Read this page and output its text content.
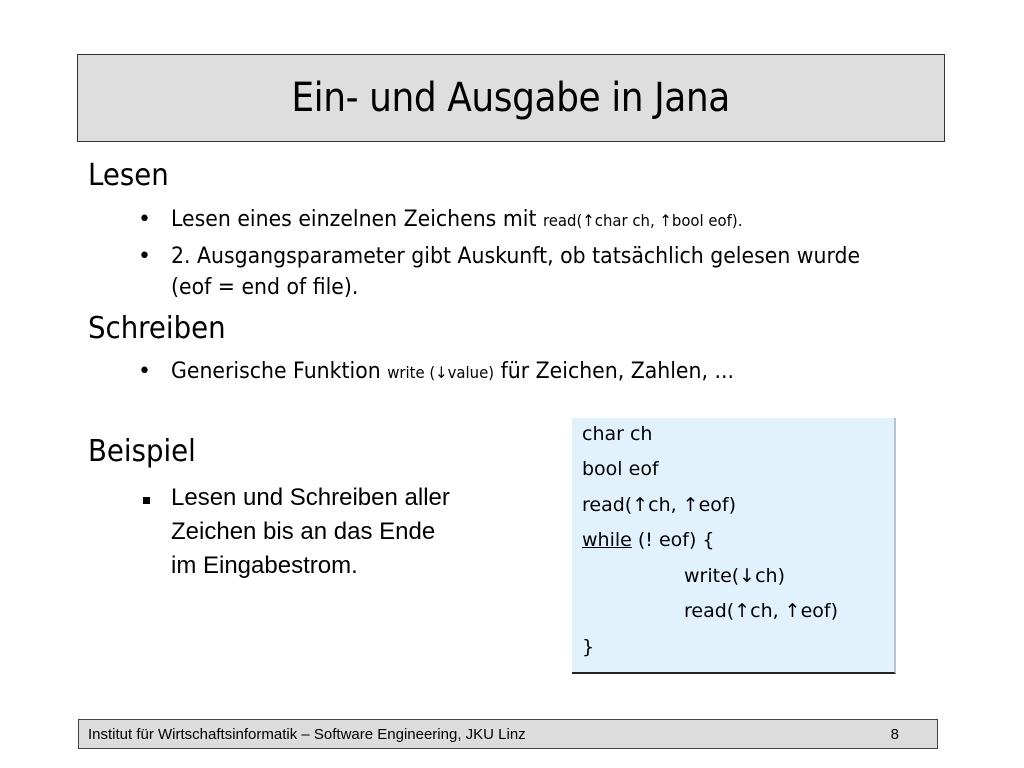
Ein- und Ausgabe in Jana
Lesen
• Lesen eines einzelnen Zeichens mit read(↑char ch, ↑bool eof).
• 2. Ausgangsparameter gibt Auskunft, ob tatsächlich gelesen wurde
(eof = end of file).
Schreiben
• Generische Funktion write (↓value) für Zeichen, Zahlen, ...
Beispiel
Lesen und Schreiben aller
Zeichen bis an das Ende
im Eingabestrom.
char ch
bool eof
read(↑ch, ↑eof)
while (! eof) {
write(↓ch)
read(↑ch, ↑eof)
}
Institut für Wirtschaftsinformatik – Software Engineering, JKU Linz	8
